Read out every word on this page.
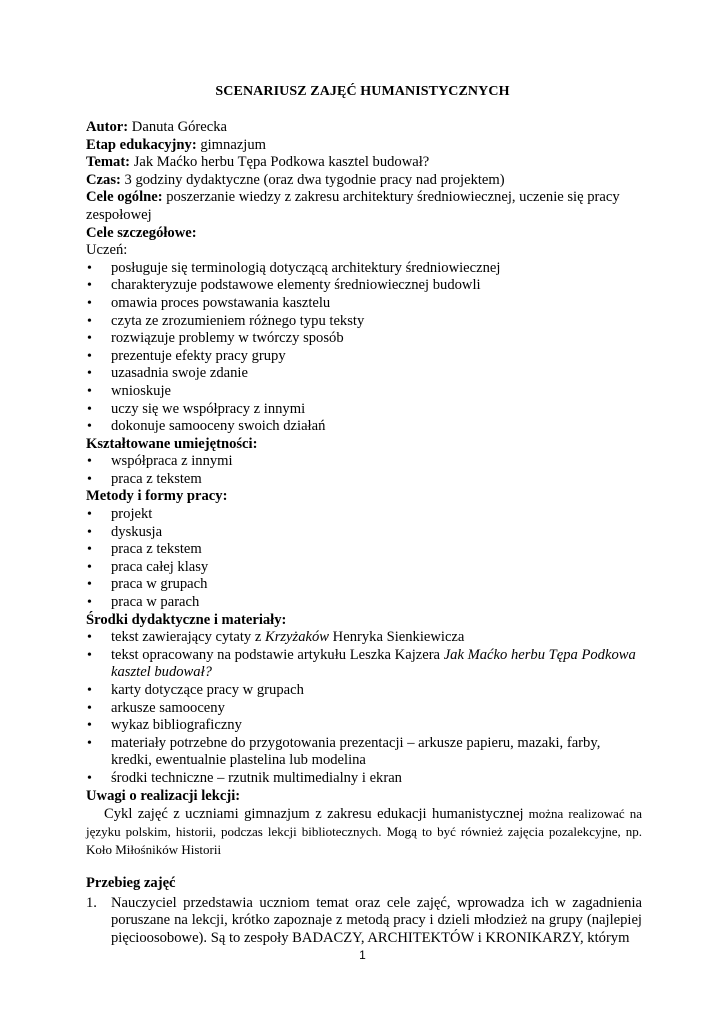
SCENARIUSZ ZAJĘĆ HUMANISTYCZNYCH

Autor: Danuta Górecka

Etap edukacyjny: gimnazjum

Temat: Jak Maćko herbu Tępa Podkowa kasztel budował?

Czas: 3 godziny dydaktyczne (oraz dwa tygodnie pracy nad projektem)

Cele ogólne: poszerzanie wiedzy z zakresu architektury średniowiecznej, uczenie się pracy zespołowej

Cele szczegółowe:

Uczeń:

• posługuje się terminologią dotyczącą architektury średniowiecznej
• charakteryzuje podstawowe elementy średniowiecznej budowli
• omawia proces powstawania kasztelu
• czyta ze zrozumieniem różnego typu teksty
• rozwiązuje problemy w twórczy sposób
• prezentuje efekty pracy grupy
• uzasadnia swoje zdanie
• wnioskuje
• uczy się we współpracy z innymi
• dokonuje samooceny swoich działań

Kształtowane umiejętności:

• współpraca z innymi
• praca z tekstem

Metody i formy pracy:

• projekt
• dyskusja
• praca z tekstem
• praca całej klasy
• praca w grupach
• praca w parach

Środki dydaktyczne i materiały:

• tekst zawierający cytaty z Krzyżaków Henryka Sienkiewicza
• tekst opracowany na podstawie artykułu Leszka Kajzera Jak Maćko herbu Tępa Podkowa kasztel budował?
• karty dotyczące pracy w grupach
• arkusze samooceny
• wykaz bibliograficzny
• materiały potrzebne do przygotowania prezentacji – arkusze papieru, mazaki, farby, kredki, ewentualnie plastelina lub modelina
• środki techniczne – rzutnik multimedialny i ekran

Uwagi o realizacji lekcji:

Cykl zajęć z uczniami gimnazjum z zakresu edukacji humanistycznej można realizować na języku polskim, historii, podczas lekcji bibliotecznych. Mogą to być również zajęcia pozalekcyjne, np. Koło Miłośników Historii

Przebieg zajęć

1. Nauczyciel przedstawia uczniom temat oraz cele zajęć, wprowadza ich w zagadnienia poruszane na lekcji, krótko zapoznaje z metodą pracy i dzieli młodzież na grupy (najlepiej pięcioosobowe). Są to zespoły BADACZY, ARCHITEKTÓW i KRONIKARZY, którym
1
